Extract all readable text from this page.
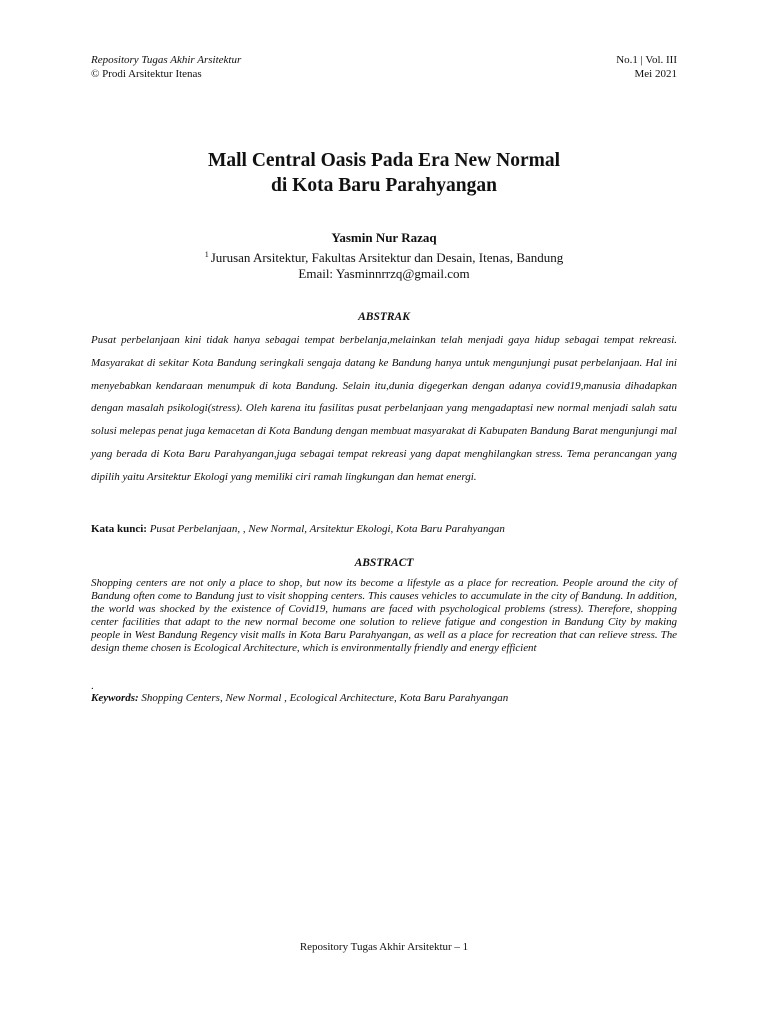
Repository Tugas Akhir Arsitektur
© Prodi Arsitektur Itenas
No.1 | Vol. III
Mei 2021
Mall Central Oasis Pada Era New Normal
di Kota Baru Parahyangan
Yasmin Nur Razaq
$^1$ Jurusan Arsitektur, Fakultas Arsitektur dan Desain, Itenas, Bandung
Email: Yasminnrrzq@gmail.com
ABSTRAK
Pusat perbelanjaan kini tidak hanya sebagai tempat berbelanja,melainkan telah menjadi gaya hidup sebagai tempat rekreasi. Masyarakat di sekitar Kota Bandung seringkali sengaja datang ke Bandung hanya untuk mengunjungi pusat perbelanjaan. Hal ini menyebabkan kendaraan menumpuk di kota Bandung. Selain itu,dunia digegerkan dengan adanya covid19,manusia dihadapkan dengan masalah psikologi(stress). Oleh karena itu fasilitas pusat perbelanjaan yang mengadaptasi new normal menjadi salah satu solusi melepas penat juga kemacetan di Kota Bandung dengan membuat masyarakat di Kabupaten Bandung Barat mengunjungi mal yang berada di Kota Baru Parahyangan,juga sebagai tempat rekreasi yang dapat menghilangkan stress. Tema perancangan yang dipilih yaitu Arsitektur Ekologi yang memiliki ciri ramah lingkungan dan hemat energi.
Kata kunci: Pusat Perbelanjaan, , New Normal, Arsitektur Ekologi, Kota Baru Parahyangan
ABSTRACT
Shopping centers are not only a place to shop, but now its become a lifestyle as a place for recreation. People around the city of Bandung often come to Bandung just to visit shopping centers. This causes vehicles to accumulate in the city of Bandung. In addition, the world was shocked by the existence of Covid19, humans are faced with psychological problems (stress). Therefore, shopping center facilities that adapt to the new normal become one solution to relieve fatigue and congestion in Bandung City by making people in West Bandung Regency visit malls in Kota Baru Parahyangan, as well as a place for recreation that can relieve stress. The design theme chosen is Ecological Architecture, which is environmentally friendly and energy efficient
.
Keywords: Shopping Centers, New Normal , Ecological Architecture, Kota Baru Parahyangan
Repository Tugas Akhir Arsitektur – 1
